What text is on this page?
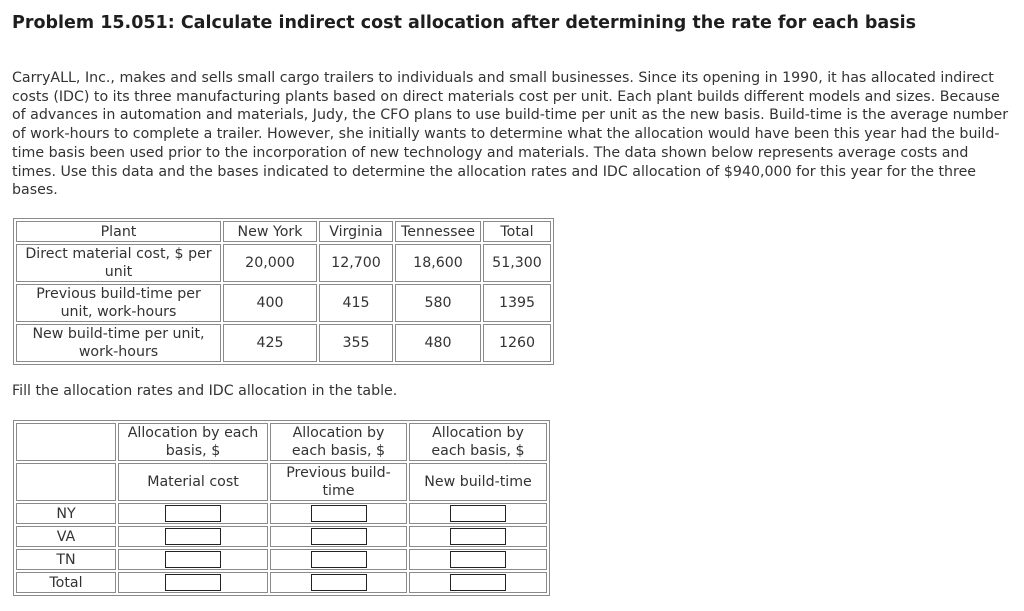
Problem 15.051: Calculate indirect cost allocation after determining the rate for each basis

CarryALL, Inc., makes and sells small cargo trailers to individuals and small businesses. Since its opening in 1990, it has allocated indirect costs (IDC) to its three manufacturing plants based on direct materials cost per unit. Each plant builds different models and sizes. Because of advances in automation and materials, Judy, the CFO plans to use build-time per unit as the new basis. Build-time is the average number of work-hours to complete a trailer. However, she initially wants to determine what the allocation would have been this year had the build-time basis been used prior to the incorporation of new technology and materials. The data shown below represents average costs and times. Use this data and the bases indicated to determine the allocation rates and IDC allocation of $940,000 for this year for the three bases.

Plant	New York	Virginia	Tennessee	Total
Direct material cost, $ per unit	20,000	12,700	18,600	51,300
Previous build-time per unit, work-hours	400	415	580	1395
New build-time per unit, work-hours	425	355	480	1260

Fill the allocation rates and IDC allocation in the table.

	Allocation by each basis, $	Allocation by each basis, $	Allocation by each basis, $
	Material cost	Previous build-time	New build-time
NY	

VA	

TN	

Total	
